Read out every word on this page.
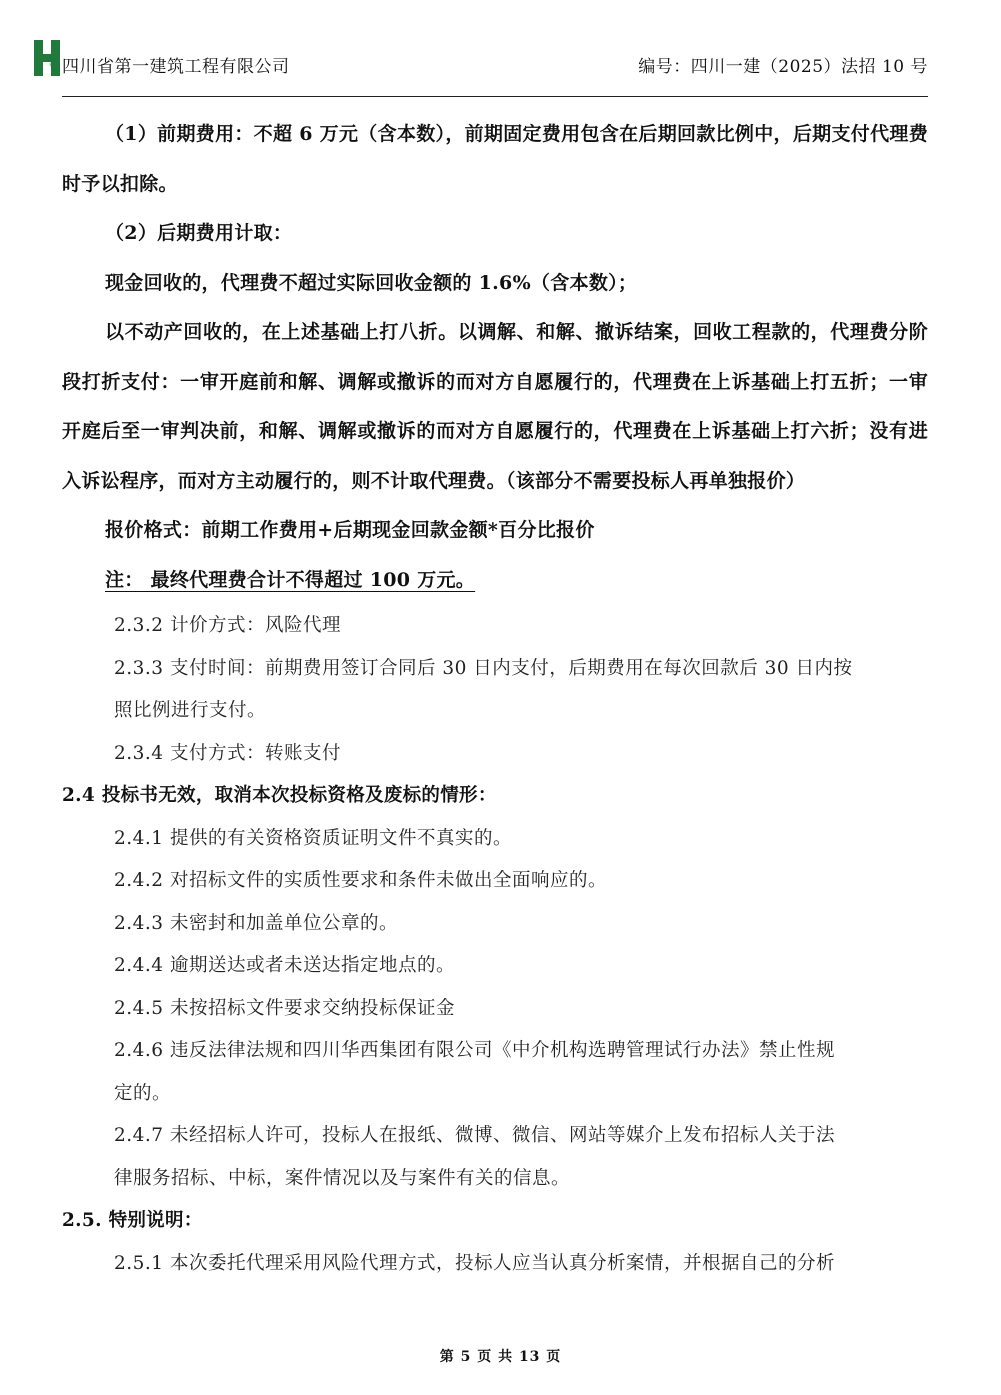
HUASHI 四川省第一建筑工程有限公司	编号：四川一建（2025）法招 10 号

（1）前期费用：不超 6 万元（含本数），前期固定费用包含在后期回款比例中，后期支付代理费时予以扣除。

（2）后期费用计取：

现金回收的，代理费不超过实际回收金额的 1.6%（含本数）；

以不动产回收的，在上述基础上打八折。以调解、和解、撤诉结案，回收工程款的，代理费分阶段打折支付：一审开庭前和解、调解或撤诉的而对方自愿履行的，代理费在上诉基础上打五折；一审开庭后至一审判决前，和解、调解或撤诉的而对方自愿履行的，代理费在上诉基础上打六折；没有进入诉讼程序，而对方主动履行的，则不计取代理费。（该部分不需要投标人再单独报价）

报价格式：前期工作费用+后期现金回款金额*百分比报价

注： 最终代理费合计不得超过 100 万元。

2.3.2 计价方式：风险代理
2.3.3 支付时间：前期费用签订合同后 30 日内支付，后期费用在每次回款后 30 日内按
照比例进行支付。
2.3.4 支付方式：转账支付
2.4 投标书无效，取消本次投标资格及废标的情形：
2.4.1 提供的有关资格资质证明文件不真实的。
2.4.2 对招标文件的实质性要求和条件未做出全面响应的。
2.4.3 未密封和加盖单位公章的。
2.4.4 逾期送达或者未送达指定地点的。
2.4.5 未按招标文件要求交纳投标保证金
2.4.6 违反法律法规和四川华西集团有限公司《中介机构选聘管理试行办法》禁止性规
定的。
2.4.7 未经招标人许可，投标人在报纸、微博、微信、网站等媒介上发布招标人关于法
律服务招标、中标，案件情况以及与案件有关的信息。
2.5. 特别说明：
2.5.1 本次委托代理采用风险代理方式，投标人应当认真分析案情，并根据自己的分析
第 5 页 共 13 页
